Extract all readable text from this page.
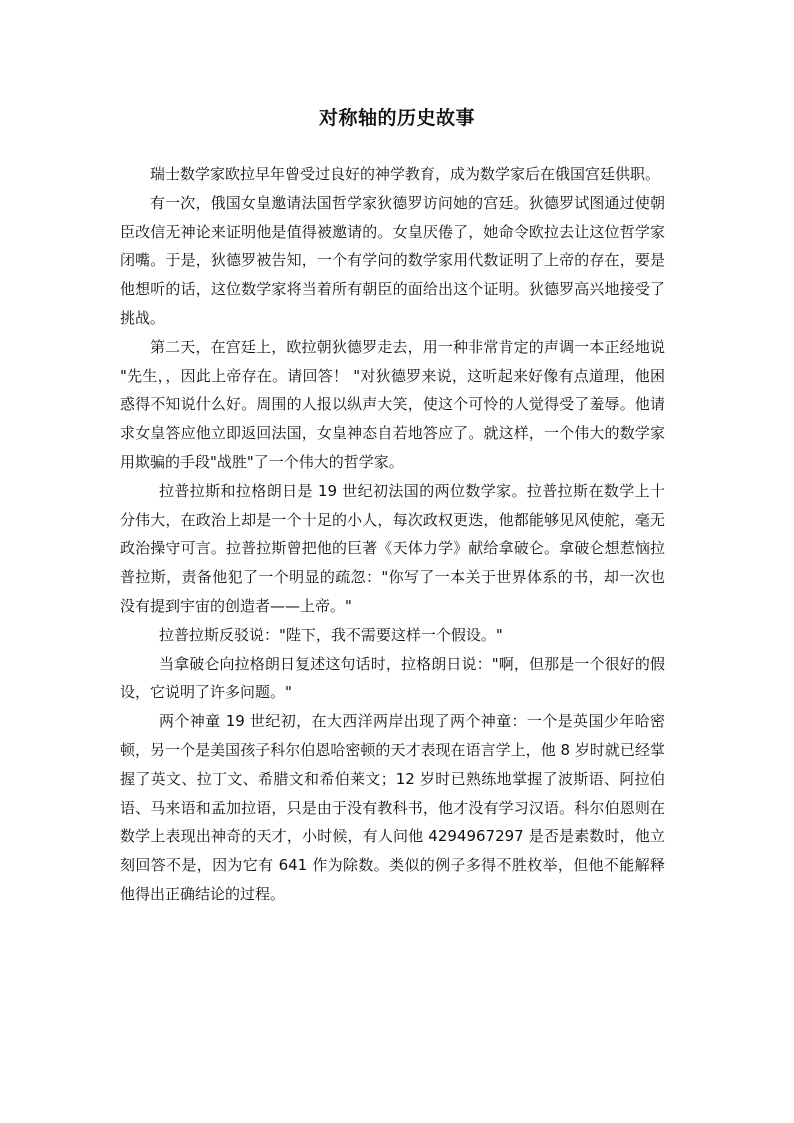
对称轴的历史故事

瑞士数学家欧拉早年曾受过良好的神学教育，成为数学家后在俄国宫廷供职。

有一次，俄国女皇邀请法国哲学家狄德罗访问她的宫廷。狄德罗试图通过使朝臣改信无神论来证明他是值得被邀请的。女皇厌倦了，她命令欧拉去让这位哲学家闭嘴。于是，狄德罗被告知，一个有学问的数学家用代数证明了上帝的存在，要是他想听的话，这位数学家将当着所有朝臣的面给出这个证明。狄德罗高兴地接受了挑战。

第二天，在宫廷上，欧拉朝狄德罗走去，用一种非常肯定的声调一本正经地说 "先生，，因此上帝存在。请回答！ "对狄德罗来说，这听起来好像有点道理，他困惑得不知说什么好。周围的人报以纵声大笑，使这个可怜的人觉得受了羞辱。他请求女皇答应他立即返回法国，女皇神态自若地答应了。就这样，一个伟大的数学家用欺骗的手段"战胜"了一个伟大的哲学家。

拉普拉斯和拉格朗日是 19 世纪初法国的两位数学家。拉普拉斯在数学上十分伟大，在政治上却是一个十足的小人，每次政权更迭，他都能够见风使舵，毫无政治操守可言。拉普拉斯曾把他的巨著《天体力学》献给拿破仑。拿破仑想惹恼拉普拉斯，责备他犯了一个明显的疏忽："你写了一本关于世界体系的书，却一次也没有提到宇宙的创造者——上帝。"

拉普拉斯反驳说："陛下，我不需要这样一个假设。"

当拿破仑向拉格朗日复述这句话时，拉格朗日说："啊，但那是一个很好的假设，它说明了许多问题。"

两个神童 19 世纪初，在大西洋两岸出现了两个神童：一个是英国少年哈密顿，另一个是美国孩子科尔伯恩哈密顿的天才表现在语言学上，他 8 岁时就已经掌握了英文、拉丁文、希腊文和希伯莱文；12 岁时已熟练地掌握了波斯语、阿拉伯语、马来语和孟加拉语，只是由于没有教科书，他才没有学习汉语。科尔伯恩则在数学上表现出神奇的天才，小时候，有人问他 4294967297 是否是素数时，他立刻回答不是，因为它有 641 作为除数。类似的例子多得不胜枚举，但他不能解释他得出正确结论的过程。
